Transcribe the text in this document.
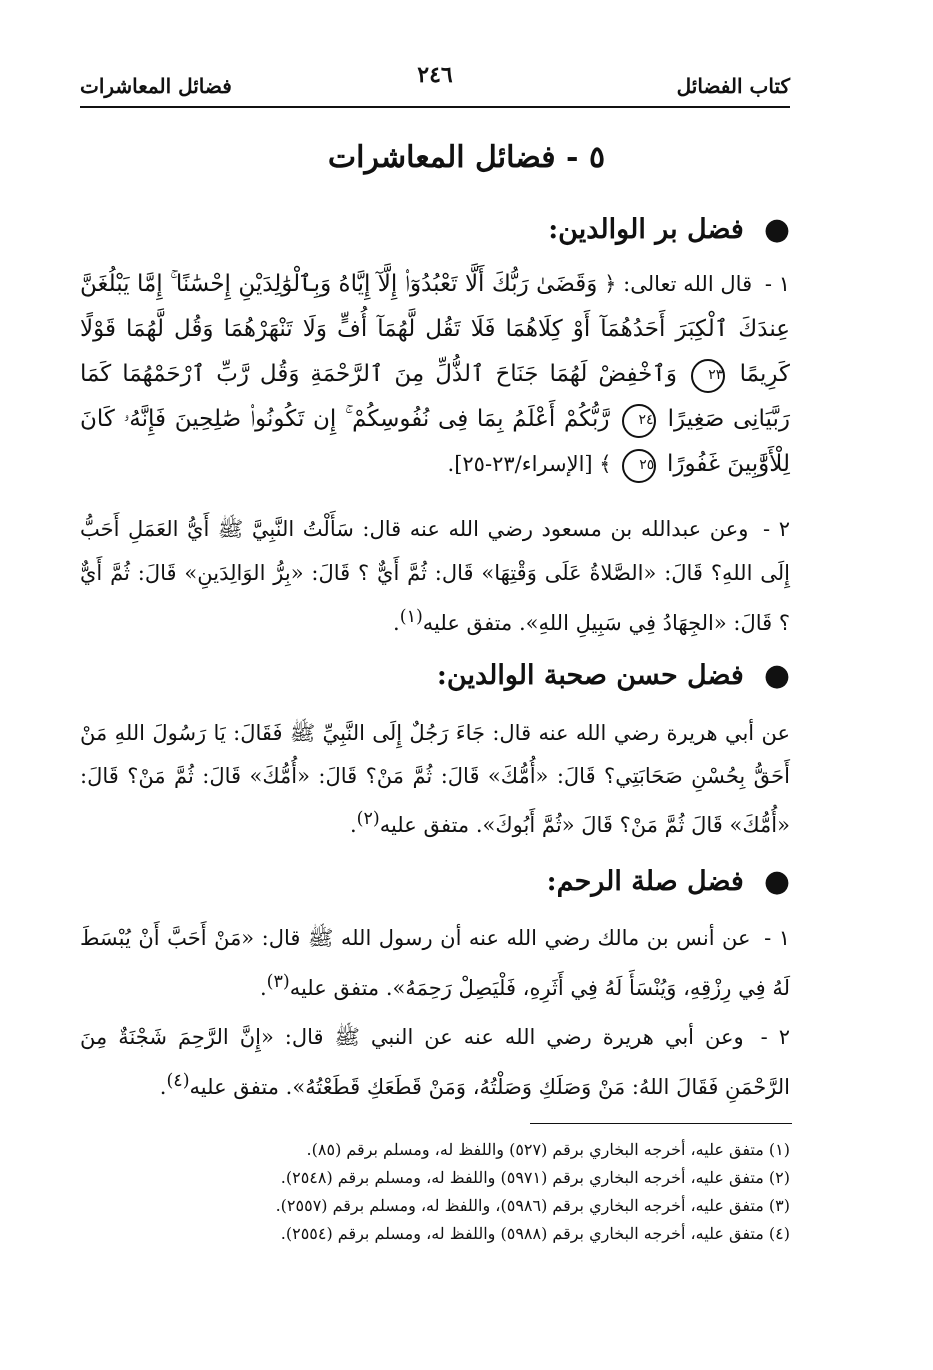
كتاب الفضائل
٢٤٦
فضائل المعاشرات
٥ - فضائل المعاشرات
●
فضل بر الوالدين:
١ - قال الله تعالى: ﴿ وَقَضَىٰ رَبُّكَ أَلَّا تَعْبُدُوٓا۟ إِلَّآ إِيَّاهُ وَبِٱلْوَٰلِدَيْنِ إِحْسَٰنًا ۚ إِمَّا يَبْلُغَنَّ عِندَكَ ٱلْكِبَرَ أَحَدُهُمَآ أَوْ كِلَاهُمَا فَلَا تَقُل لَّهُمَآ أُفٍّ وَلَا تَنْهَرْهُمَا وَقُل لَّهُمَا قَوْلًا كَرِيمًا ٢٣ وَٱخْفِضْ لَهُمَا جَنَاحَ ٱلذُّلِّ مِنَ ٱلرَّحْمَةِ وَقُل رَّبِّ ٱرْحَمْهُمَا كَمَا رَبَّيَانِى صَغِيرًا ٢٤ رَّبُّكُمْ أَعْلَمُ بِمَا فِى نُفُوسِكُمْ ۚ إِن تَكُونُوا۟ صَٰلِحِينَ فَإِنَّهُۥ كَانَ لِلْأَوَّٰبِينَ غَفُورًا ٢٥ ﴾ [الإسراء/٢٣-٢٥].
٢ - وعن عبدالله بن مسعود رضي الله عنه قال: سَأَلْتُ النَّبِيَّ ﷺ أَيُّ العَمَلِ أَحَبُّ إِلَى اللهِ؟ قَالَ: «الصَّلاةُ عَلَى وَقْتِهَا» قَال: ثُمَّ أَيٌّ ؟ قَالَ: «بِرُّ الوَالِدَينِ» قَالَ: ثُمَّ أَيٌّ ؟ قَالَ: «الجِهَادُ فِي سَبِيلِ اللهِ». متفق عليه$^{(١)}$.
●
فضل حسن صحبة الوالدين:
عن أبي هريرة رضي الله عنه قال: جَاءَ رَجُلٌ إِلَى النَّبِيِّ ﷺ فَقَالَ: يَا رَسُولَ اللهِ مَنْ أَحَقُّ بِحُسْنِ صَحَابَتِي؟ قَالَ: «أُمُّكَ» قَالَ: ثُمَّ مَنْ؟ قَالَ: «أُمُّكَ» قَالَ: ثُمَّ مَنْ؟ قَالَ: «أُمُّكَ» قَالَ ثُمَّ مَنْ؟ قَالَ «ثُمَّ أَبُوكَ». متفق عليه$^{(٢)}$.
●
فضل صلة الرحم:
١ - عن أنس بن مالك رضي الله عنه أن رسول الله ﷺ قال: «مَنْ أَحَبَّ أَنْ يُبْسَطَ لَهُ فِي رِزْقِهِ، وَيُنْسَأَ لَهُ فِي أَثَرِهِ، فَلْيَصِلْ رَحِمَهُ». متفق عليه$^{(٣)}$.
٢ - وعن أبي هريرة رضي الله عنه عن النبي ﷺ قال: «إِنَّ الرَّحِمَ شَجْنَةٌ مِنَ الرَّحْمَنِ فَقَالَ اللهُ: مَنْ وَصَلَكِ وَصَلْتُهُ، وَمَنْ قَطَعَكِ قَطَعْتُهُ». متفق عليه$^{(٤)}$.
(١) متفق عليه، أخرجه البخاري برقم (٥٢٧) واللفظ له، ومسلم برقم (٨٥).
(٢) متفق عليه، أخرجه البخاري برقم (٥٩٧١) واللفظ له، ومسلم برقم (٢٥٤٨).
(٣) متفق عليه، أخرجه البخاري برقم (٥٩٨٦)، واللفظ له، ومسلم برقم (٢٥٥٧).
(٤) متفق عليه، أخرجه البخاري برقم (٥٩٨٨) واللفظ له، ومسلم برقم (٢٥٥٤).
